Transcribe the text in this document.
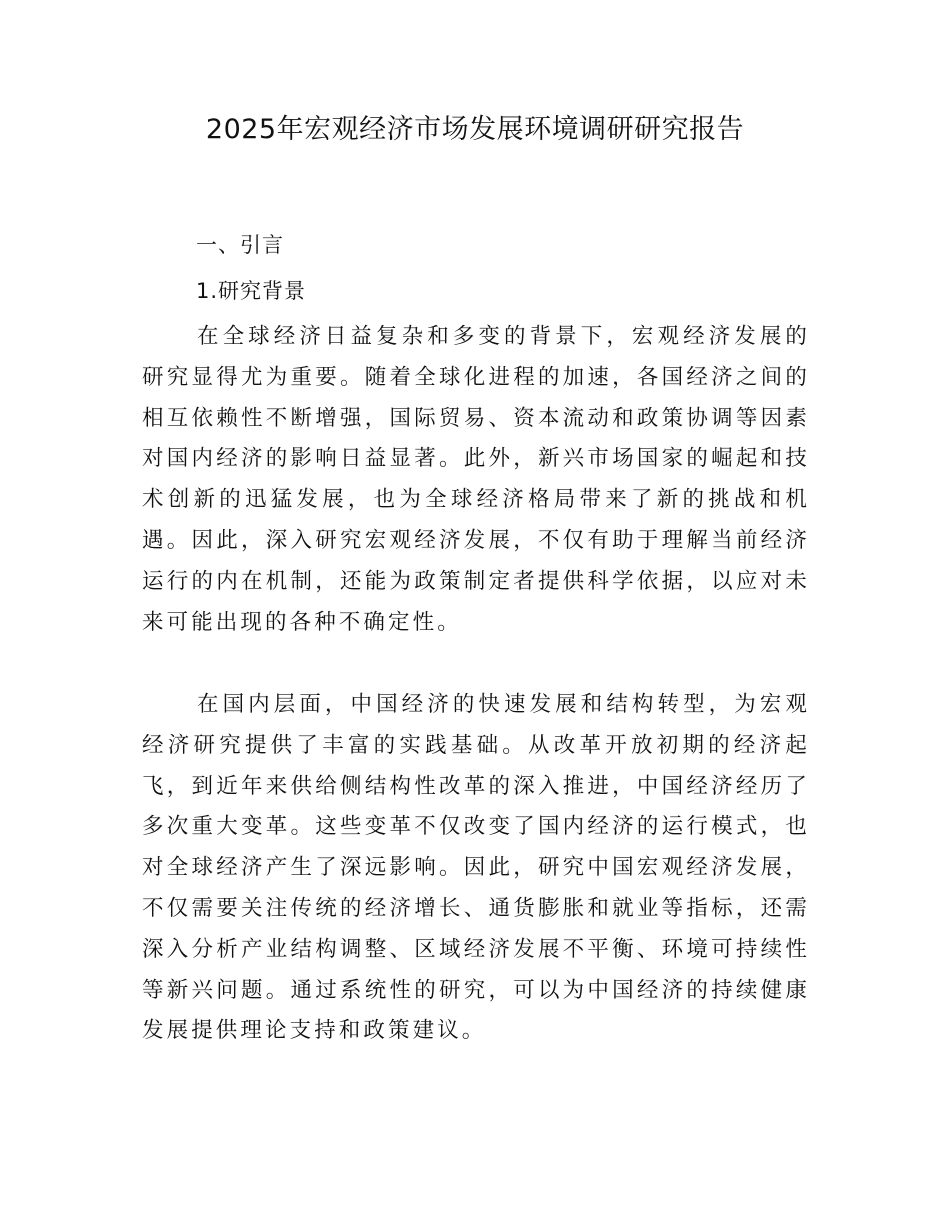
2025年宏观经济市场发展环境调研研究报告
一、引言
1.研究背景

在全球经济日益复杂和多变的背景下，宏观经济发展的研究显得尤为重要。随着全球化进程的加速，各国经济之间的相互依赖性不断增强，国际贸易、资本流动和政策协调等因素对国内经济的影响日益显著。此外，新兴市场国家的崛起和技术创新的迅猛发展，也为全球经济格局带来了新的挑战和机遇。因此，深入研究宏观经济发展，不仅有助于理解当前经济运行的内在机制，还能为政策制定者提供科学依据，以应对未来可能出现的各种不确定性。

在国内层面，中国经济的快速发展和结构转型，为宏观经济研究提供了丰富的实践基础。从改革开放初期的经济起飞，到近年来供给侧结构性改革的深入推进，中国经济经历了多次重大变革。这些变革不仅改变了国内经济的运行模式，也对全球经济产生了深远影响。因此，研究中国宏观经济发展，不仅需要关注传统的经济增长、通货膨胀和就业等指标，还需深入分析产业结构调整、区域经济发展不平衡、环境可持续性等新兴问题。通过系统性的研究，可以为中国经济的持续健康发展提供理论支持和政策建议。
